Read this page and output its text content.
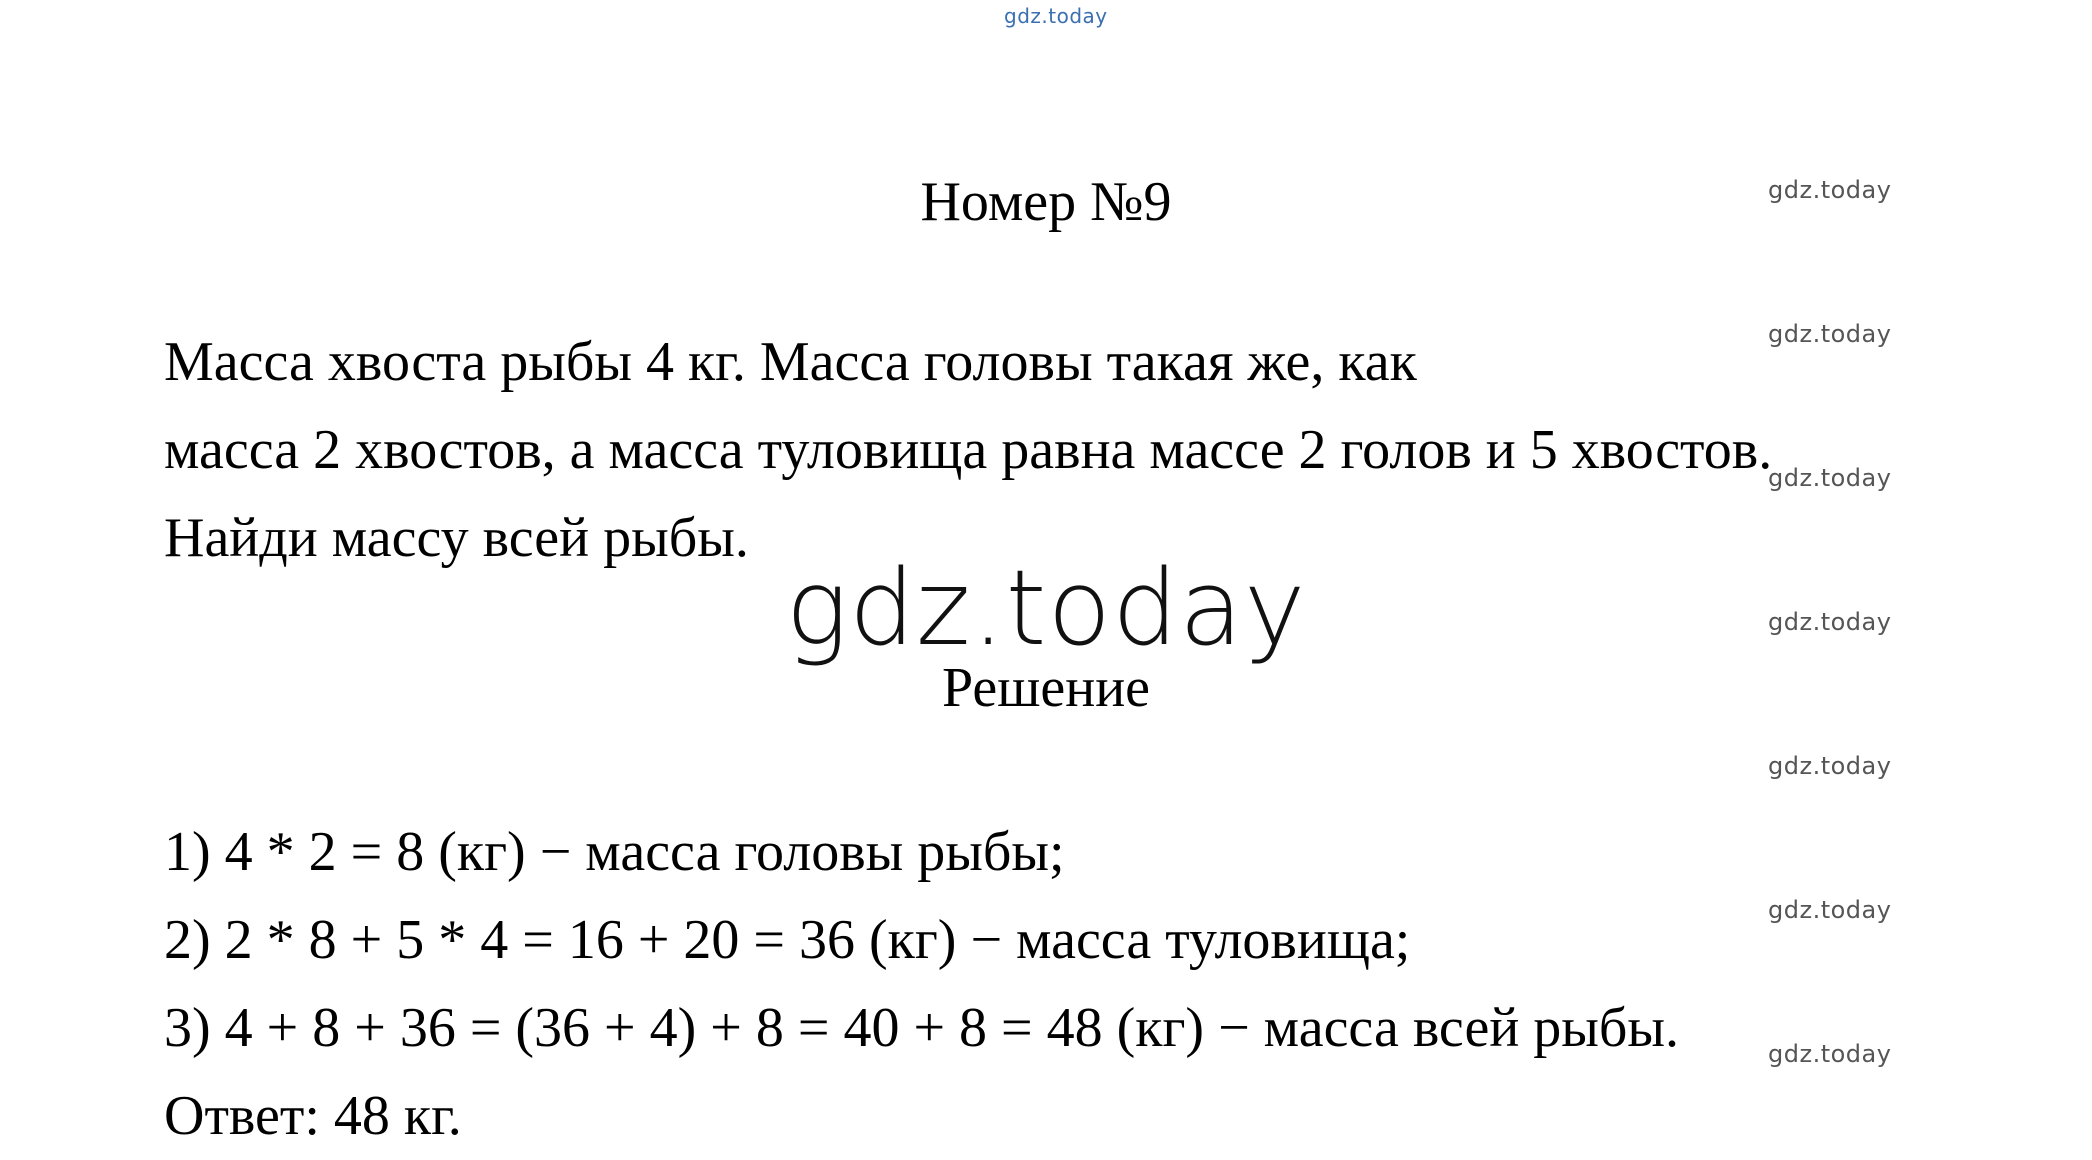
gdz.today
Номер №9
Масса хвоста рыбы 4 кг. Масса головы такая же, как
масса 2 хвостов, а масса туловища равна массе 2 голов и 5 хвостов.
Найди массу всей рыбы.
gdz.today
Решение
1) 4 * 2 = 8 (кг) − масса головы рыбы;
2) 2 * 8 + 5 * 4 = 16 + 20 = 36 (кг) − масса туловища;
3) 4 + 8 + 36 = (36 + 4) + 8 = 40 + 8 = 48 (кг) − масса всей рыбы.
Ответ: 48 кг.
gdz.today
gdz.today
gdz.today
gdz.today
gdz.today
gdz.today
gdz.today
